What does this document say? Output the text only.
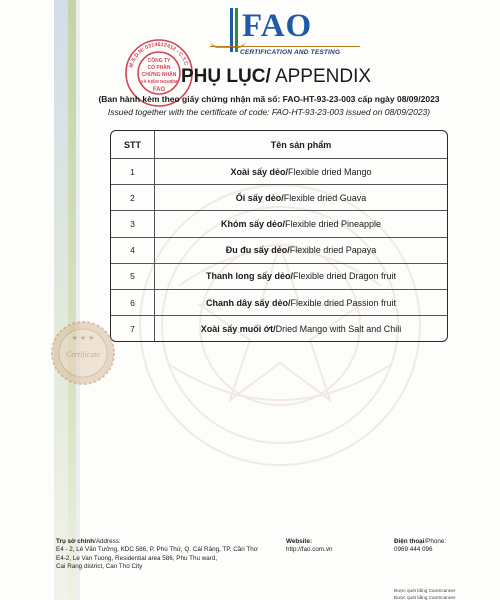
FAO
CERTIFICATION AND TESTING
M.S.D.N: 0314612412 - C.T.C
CÔNG TY
CỔ PHẦN
CHỨNG NHẬN
VÀ KIỂM NGHIỆM
FAO
PHỤ LỤC/ APPENDIX
(Ban hành kèm theo giấy chứng nhận mã số: FAO-HT-93-23-003 cấp ngày 08/09/2023
Issued together with the certificate of code: FAO-HT-93-23-003 issued on 08/09/2023)
STT	Tên sản phẩm
1	Xoài sấy dẻo/ Flexible dried Mango
2	Ổi sấy dẻo/ Flexible dried Guava
3	Khóm sấy dẻo/ Flexible dried Pineapple
4	Đu đu sấy dẻo/ Flexible dried Papaya
5	Thanh long sấy dẻo/ Flexible dried Dragon fruit
6	Chanh dây sấy dẻo/ Flexible dried Passion fruit
7	Xoài sấy muối ớt/ Dried Mango with Salt and Chili
Certificate
★ ★ ★
Trụ sở chính/Address:
E4 - 2, Lê Văn Tưởng, KDC 586, P. Phú Thứ, Q. Cái Răng, TP. Cần Thơ
E4-2, Le Van Tuong, Residential area 586, Phu Thu ward,
Cai Rang district, Can Tho City
Website:
http://fao.com.vn
Điện thoại/Phone:
0969 444 096
Được quét bằng CamScanner
Được quét bằng CamScanner
